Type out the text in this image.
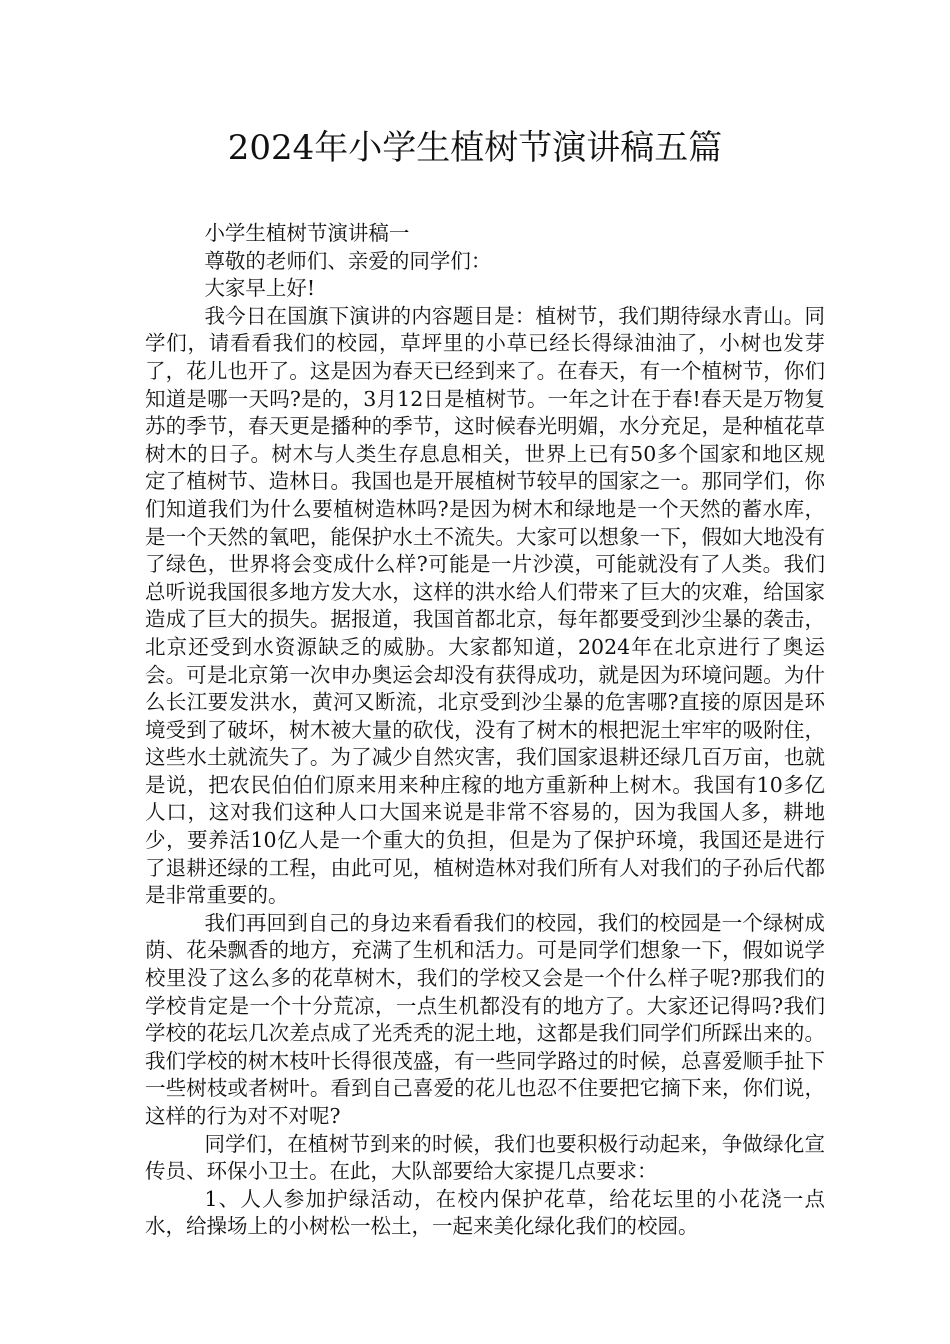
2024年小学生植树节演讲稿五篇

小学生植树节演讲稿一

尊敬的老师们、亲爱的同学们：

大家早上好!

我今日在国旗下演讲的内容题目是：植树节，我们期待绿水青山。同学们，请看看我们的校园，草坪里的小草已经长得绿油油了，小树也发芽了，花儿也开了。这是因为春天已经到来了。在春天，有一个植树节，你们知道是哪一天吗?是的，3月12日是植树节。一年之计在于春!春天是万物复苏的季节，春天更是播种的季节，这时候春光明媚，水分充足，是种植花草树木的日子。树木与人类生存息息相关，世界上已有50多个国家和地区规定了植树节、造林日。我国也是开展植树节较早的国家之一。那同学们，你们知道我们为什么要植树造林吗?是因为树木和绿地是一个天然的蓄水库，是一个天然的氧吧，能保护水土不流失。大家可以想象一下，假如大地没有了绿色，世界将会变成什么样?可能是一片沙漠，可能就没有了人类。我们总听说我国很多地方发大水，这样的洪水给人们带来了巨大的灾难，给国家造成了巨大的损失。据报道，我国首都北京，每年都要受到沙尘暴的袭击，北京还受到水资源缺乏的威胁。大家都知道，2024年在北京进行了奥运会。可是北京第一次申办奥运会却没有获得成功，就是因为环境问题。为什么长江要发洪水，黄河又断流，北京受到沙尘暴的危害哪?直接的原因是环境受到了破坏，树木被大量的砍伐，没有了树木的根把泥土牢牢的吸附住，这些水土就流失了。为了减少自然灾害，我们国家退耕还绿几百万亩，也就是说，把农民伯伯们原来用来种庄稼的地方重新种上树木。我国有10多亿人口，这对我们这种人口大国来说是非常不容易的，因为我国人多，耕地少，要养活10亿人是一个重大的负担，但是为了保护环境，我国还是进行了退耕还绿的工程，由此可见，植树造林对我们所有人对我们的子孙后代都是非常重要的。

我们再回到自己的身边来看看我们的校园，我们的校园是一个绿树成荫、花朵飘香的地方，充满了生机和活力。可是同学们想象一下，假如说学校里没了这么多的花草树木，我们的学校又会是一个什么样子呢?那我们的学校肯定是一个十分荒凉，一点生机都没有的地方了。大家还记得吗?我们学校的花坛几次差点成了光秃秃的泥土地，这都是我们同学们所踩出来的。我们学校的树木枝叶长得很茂盛，有一些同学路过的时候，总喜爱顺手扯下一些树枝或者树叶。看到自己喜爱的花儿也忍不住要把它摘下来，你们说，这样的行为对不对呢?

同学们，在植树节到来的时候，我们也要积极行动起来，争做绿化宣传员、环保小卫士。在此，大队部要给大家提几点要求：

1、人人参加护绿活动，在校内保护花草，给花坛里的小花浇一点水，给操场上的小树松一松土，一起来美化绿化我们的校园。
